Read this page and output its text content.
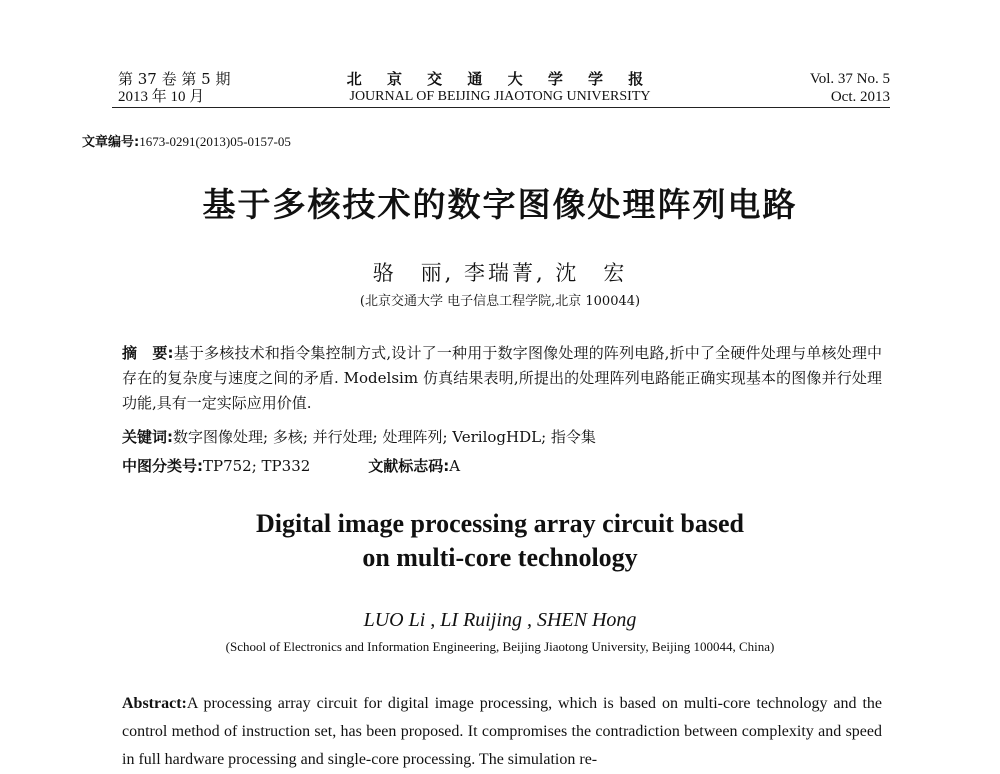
第 37 卷 第 5 期
2013 年 10 月
北 京 交 通 大 学 学 报
JOURNAL OF BEIJING JIAOTONG UNIVERSITY
Vol. 37 No. 5
Oct. 2013
文章编号:1673-0291(2013)05-0157-05
基于多核技术的数字图像处理阵列电路
骆　丽, 李瑞菁, 沈　宏
(北京交通大学 电子信息工程学院,北京 100044)
摘　要:基于多核技术和指令集控制方式,设计了一种用于数字图像处理的阵列电路,折中了全硬件处理与单核处理中存在的复杂度与速度之间的矛盾. Modelsim 仿真结果表明,所提出的处理阵列电路能正确实现基本的图像并行处理功能,具有一定实际应用价值.
关键词:数字图像处理; 多核; 并行处理; 处理阵列; VerilogHDL; 指令集
中图分类号:TP752; TP332	文献标志码:A
Digital image processing array circuit based
on multi-core technology
LUO Li , LI Ruijing , SHEN Hong
(School of Electronics and Information Engineering, Beijing Jiaotong University, Beijing 100044, China)
Abstract:A processing array circuit for digital image processing, which is based on multi-core technology and the control method of instruction set, has been proposed. It compromises the contradiction between complexity and speed in full hardware processing and single-core processing. The simulation re-
